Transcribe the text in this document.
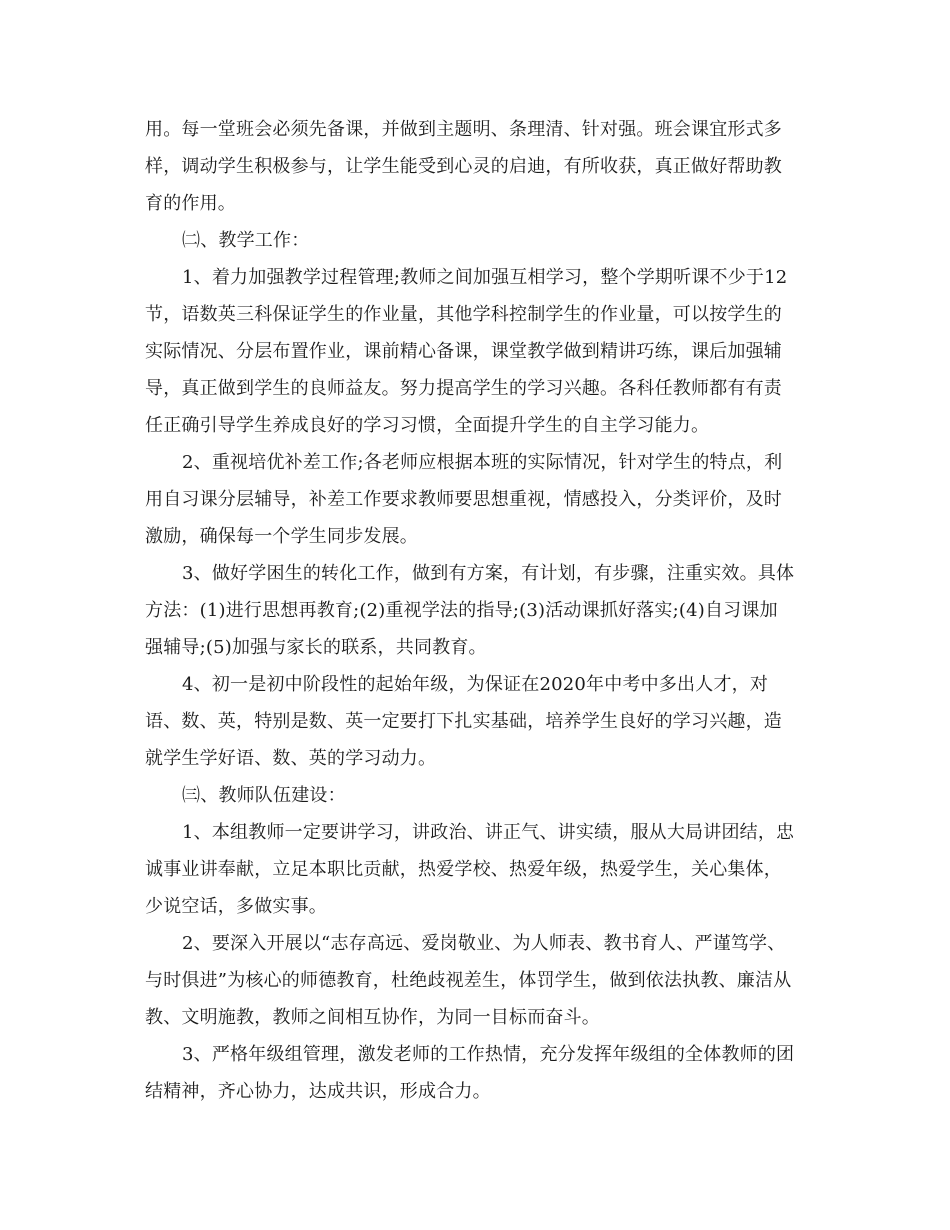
用。每一堂班会必须先备课，并做到主题明、条理清、针对强。班会课宜形式多

样，调动学生积极参与，让学生能受到心灵的启迪，有所收获，真正做好帮助教

育的作用。

㈡、教学工作：

1、着力加强教学过程管理;教师之间加强互相学习，整个学期听课不少于12

节，语数英三科保证学生的作业量，其他学科控制学生的作业量，可以按学生的

实际情况、分层布置作业，课前精心备课，课堂教学做到精讲巧练，课后加强辅

导，真正做到学生的良师益友。努力提高学生的学习兴趣。各科任教师都有有责

任正确引导学生养成良好的学习习惯，全面提升学生的自主学习能力。

2、重视培优补差工作;各老师应根据本班的实际情况，针对学生的特点，利

用自习课分层辅导，补差工作要求教师要思想重视，情感投入，分类评价，及时

激励，确保每一个学生同步发展。

3、做好学困生的转化工作，做到有方案，有计划，有步骤，注重实效。具体

方法：(1)进行思想再教育;(2)重视学法的指导;(3)活动课抓好落实;(4)自习课加

强辅导;(5)加强与家长的联系，共同教育。

4、初一是初中阶段性的起始年级，为保证在2020年中考中多出人才，对

语、数、英，特别是数、英一定要打下扎实基础，培养学生良好的学习兴趣，造

就学生学好语、数、英的学习动力。

㈢、教师队伍建设：

1、本组教师一定要讲学习，讲政治、讲正气、讲实绩，服从大局讲团结，忠

诚事业讲奉献，立足本职比贡献，热爱学校、热爱年级，热爱学生，关心集体，

少说空话，多做实事。

2、要深入开展以“志存高远、爱岗敬业、为人师表、教书育人、严谨笃学、

与时俱进”为核心的师德教育，杜绝歧视差生，体罚学生，做到依法执教、廉洁从

教、文明施教，教师之间相互协作，为同一目标而奋斗。

3、严格年级组管理，激发老师的工作热情，充分发挥年级组的全体教师的团

结精神，齐心协力，达成共识，形成合力。
